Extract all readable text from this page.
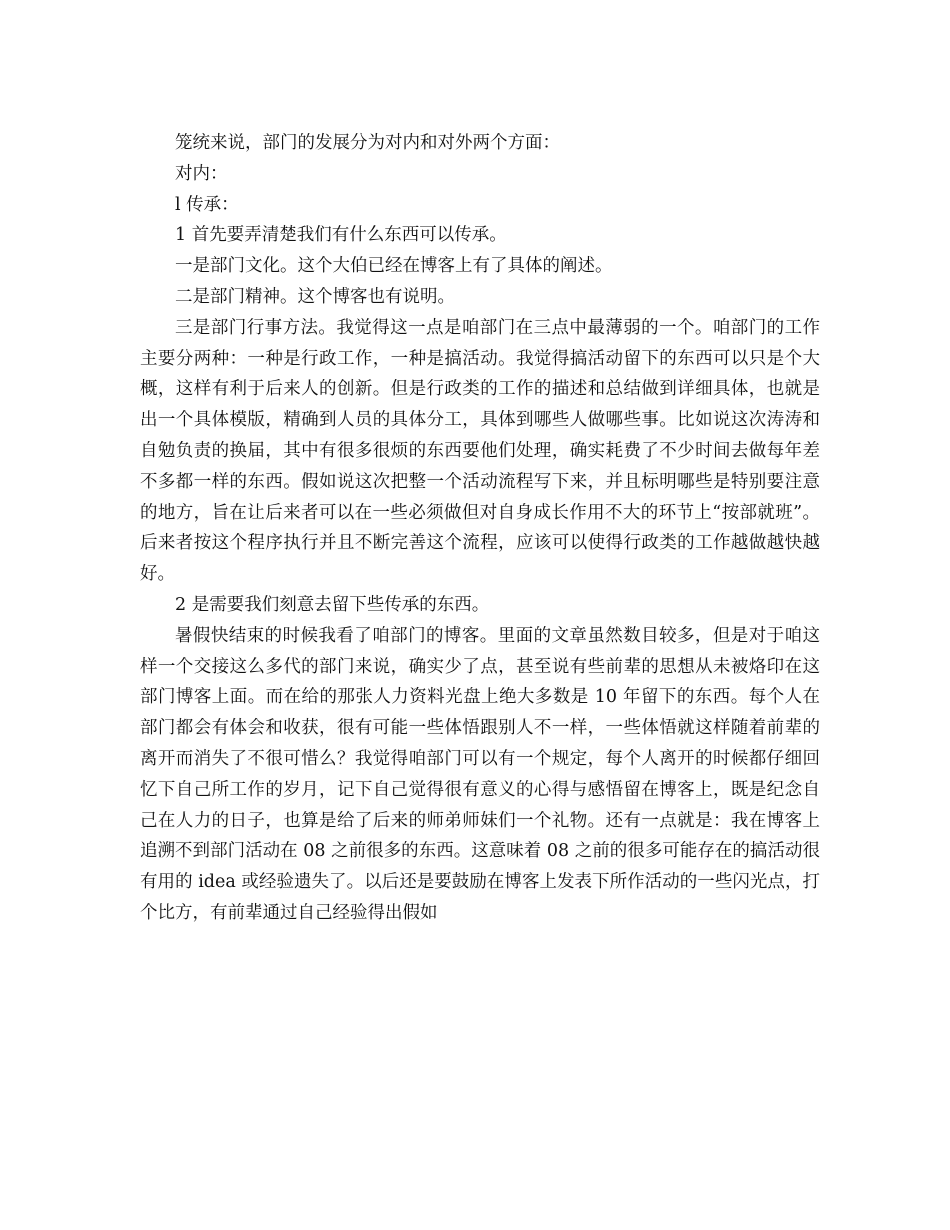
笼统来说，部门的发展分为对内和对外两个方面：

对内：

l 传承：

1 首先要弄清楚我们有什么东西可以传承。

一是部门文化。这个大伯已经在博客上有了具体的阐述。

二是部门精神。这个博客也有说明。

三是部门行事方法。我觉得这一点是咱部门在三点中最薄弱的一个。咱部门的工作主要分两种：一种是行政工作，一种是搞活动。我觉得搞活动留下的东西可以只是个大概，这样有利于后来人的创新。但是行政类的工作的描述和总结做到详细具体，也就是出一个具体模版，精确到人员的具体分工，具体到哪些人做哪些事。比如说这次涛涛和自勉负责的换届，其中有很多很烦的东西要他们处理，确实耗费了不少时间去做每年差不多都一样的东西。假如说这次把整一个活动流程写下来，并且标明哪些是特别要注意的地方，旨在让后来者可以在一些必须做但对自身成长作用不大的环节上“按部就班”。后来者按这个程序执行并且不断完善这个流程，应该可以使得行政类的工作越做越快越好。

2 是需要我们刻意去留下些传承的东西。

暑假快结束的时候我看了咱部门的博客。里面的文章虽然数目较多，但是对于咱这样一个交接这么多代的部门来说，确实少了点，甚至说有些前辈的思想从未被烙印在这部门博客上面。而在给的那张人力资料光盘上绝大多数是 10 年留下的东西。每个人在部门都会有体会和收获，很有可能一些体悟跟别人不一样，一些体悟就这样随着前辈的离开而消失了不很可惜么？我觉得咱部门可以有一个规定，每个人离开的时候都仔细回忆下自己所工作的岁月，记下自己觉得很有意义的心得与感悟留在博客上，既是纪念自己在人力的日子，也算是给了后来的师弟师妹们一个礼物。还有一点就是：我在博客上追溯不到部门活动在 08 之前很多的东西。这意味着 08 之前的很多可能存在的搞活动很有用的 idea 或经验遗失了。以后还是要鼓励在博客上发表下所作活动的一些闪光点，打个比方，有前辈通过自己经验得出假如
